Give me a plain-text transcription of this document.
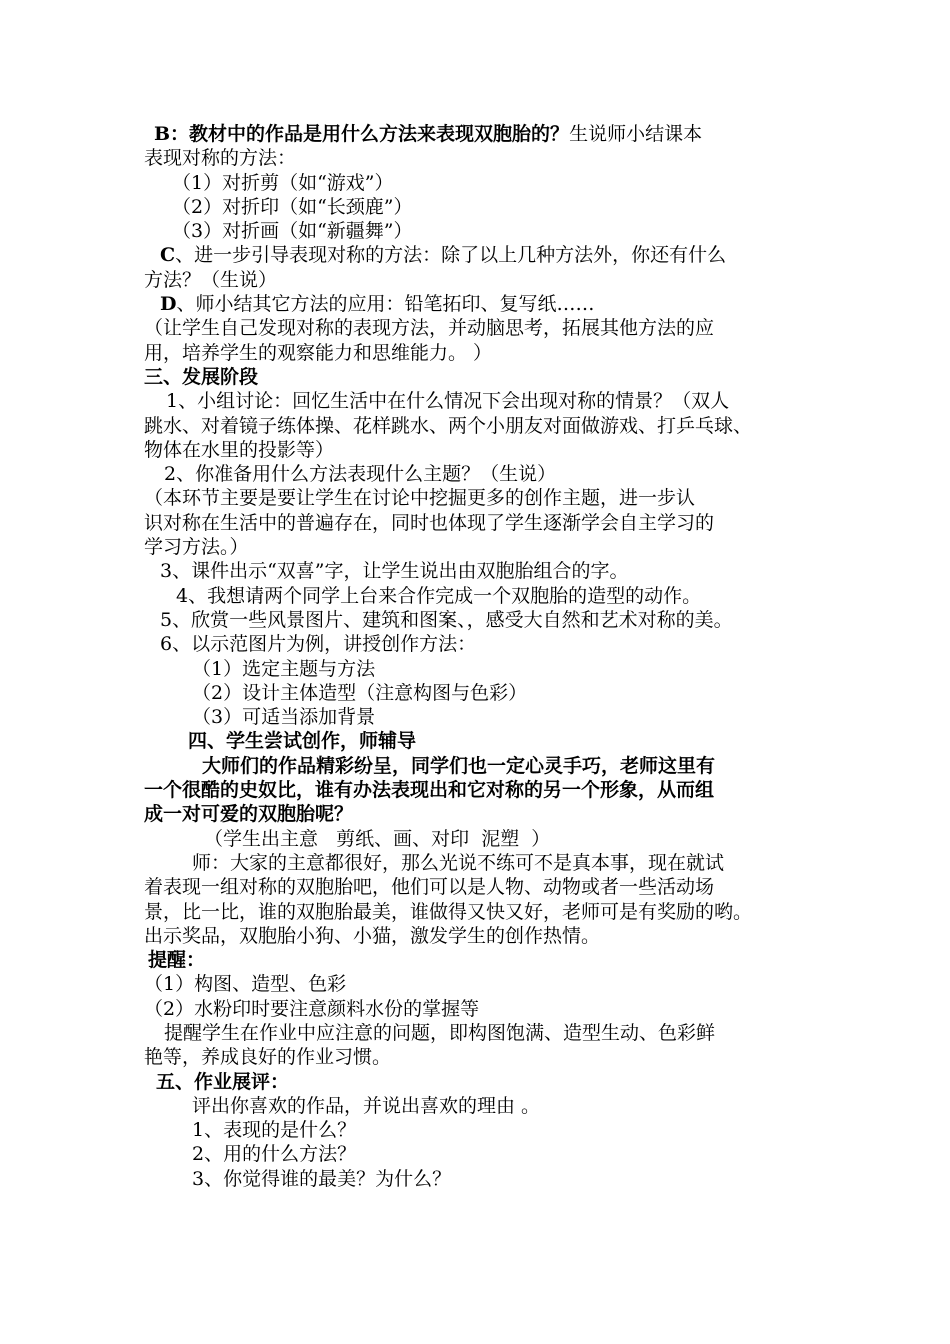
B：教材中的作品是用什么方法来表现双胞胎的？生说师小结课本

表现对称的方法：

（1）对折剪（如“游戏”）

（2）对折印（如“长颈鹿”）

（3）对折画（如“新疆舞”）

C、进一步引导表现对称的方法：除了以上几种方法外，你还有什么

方法？（生说）

D、师小结其它方法的应用：铅笔拓印、复写纸……

（让学生自己发现对称的表现方法，并动脑思考，拓展其他方法的应

用，培养学生的观察能力和思维能力。 ）

三、发展阶段

1、小组讨论：回忆生活中在什么情况下会出现对称的情景？（双人

跳水、对着镜子练体操、花样跳水、两个小朋友对面做游戏、打乒乓球、

物体在水里的投影等）

2、你准备用什么方法表现什么主题？（生说）

（本环节主要是要让学生在讨论中挖掘更多的创作主题，进一步认

识对称在生活中的普遍存在，同时也体现了学生逐渐学会自主学习的

学习方法。）

3、课件出示“双喜”字，让学生说出由双胞胎组合的字。

4、我想请两个同学上台来合作完成一个双胞胎的造型的动作。

5、欣赏一些风景图片、建筑和图案、，感受大自然和艺术对称的美。

6、以示范图片为例，讲授创作方法：

（1）选定主题与方法

（2）设计主体造型（注意构图与色彩）

（3）可适当添加背景

四、学生尝试创作，师辅导

大师们的作品精彩纷呈，同学们也一定心灵手巧，老师这里有

一个很酷的史奴比，谁有办法表现出和它对称的另一个形象，从而组

成一对可爱的双胞胎呢？

（学生出主意   剪纸、画、对印  泥塑  ）

师：大家的主意都很好，那么光说不练可不是真本事，现在就试

着表现一组对称的双胞胎吧，他们可以是人物、动物或者一些活动场

景，比一比，谁的双胞胎最美，谁做得又快又好，老师可是有奖励的哟。

出示奖品，双胞胎小狗、小猫，激发学生的创作热情。

提醒：

（1）构图、造型、色彩

（2）水粉印时要注意颜料水份的掌握等

提醒学生在作业中应注意的问题，即构图饱满、造型生动、色彩鲜

艳等，养成良好的作业习惯。

五、作业展评：

评出你喜欢的作品，并说出喜欢的理由 。

1、表现的是什么？

2、用的什么方法？

3、你觉得谁的最美？为什么？
